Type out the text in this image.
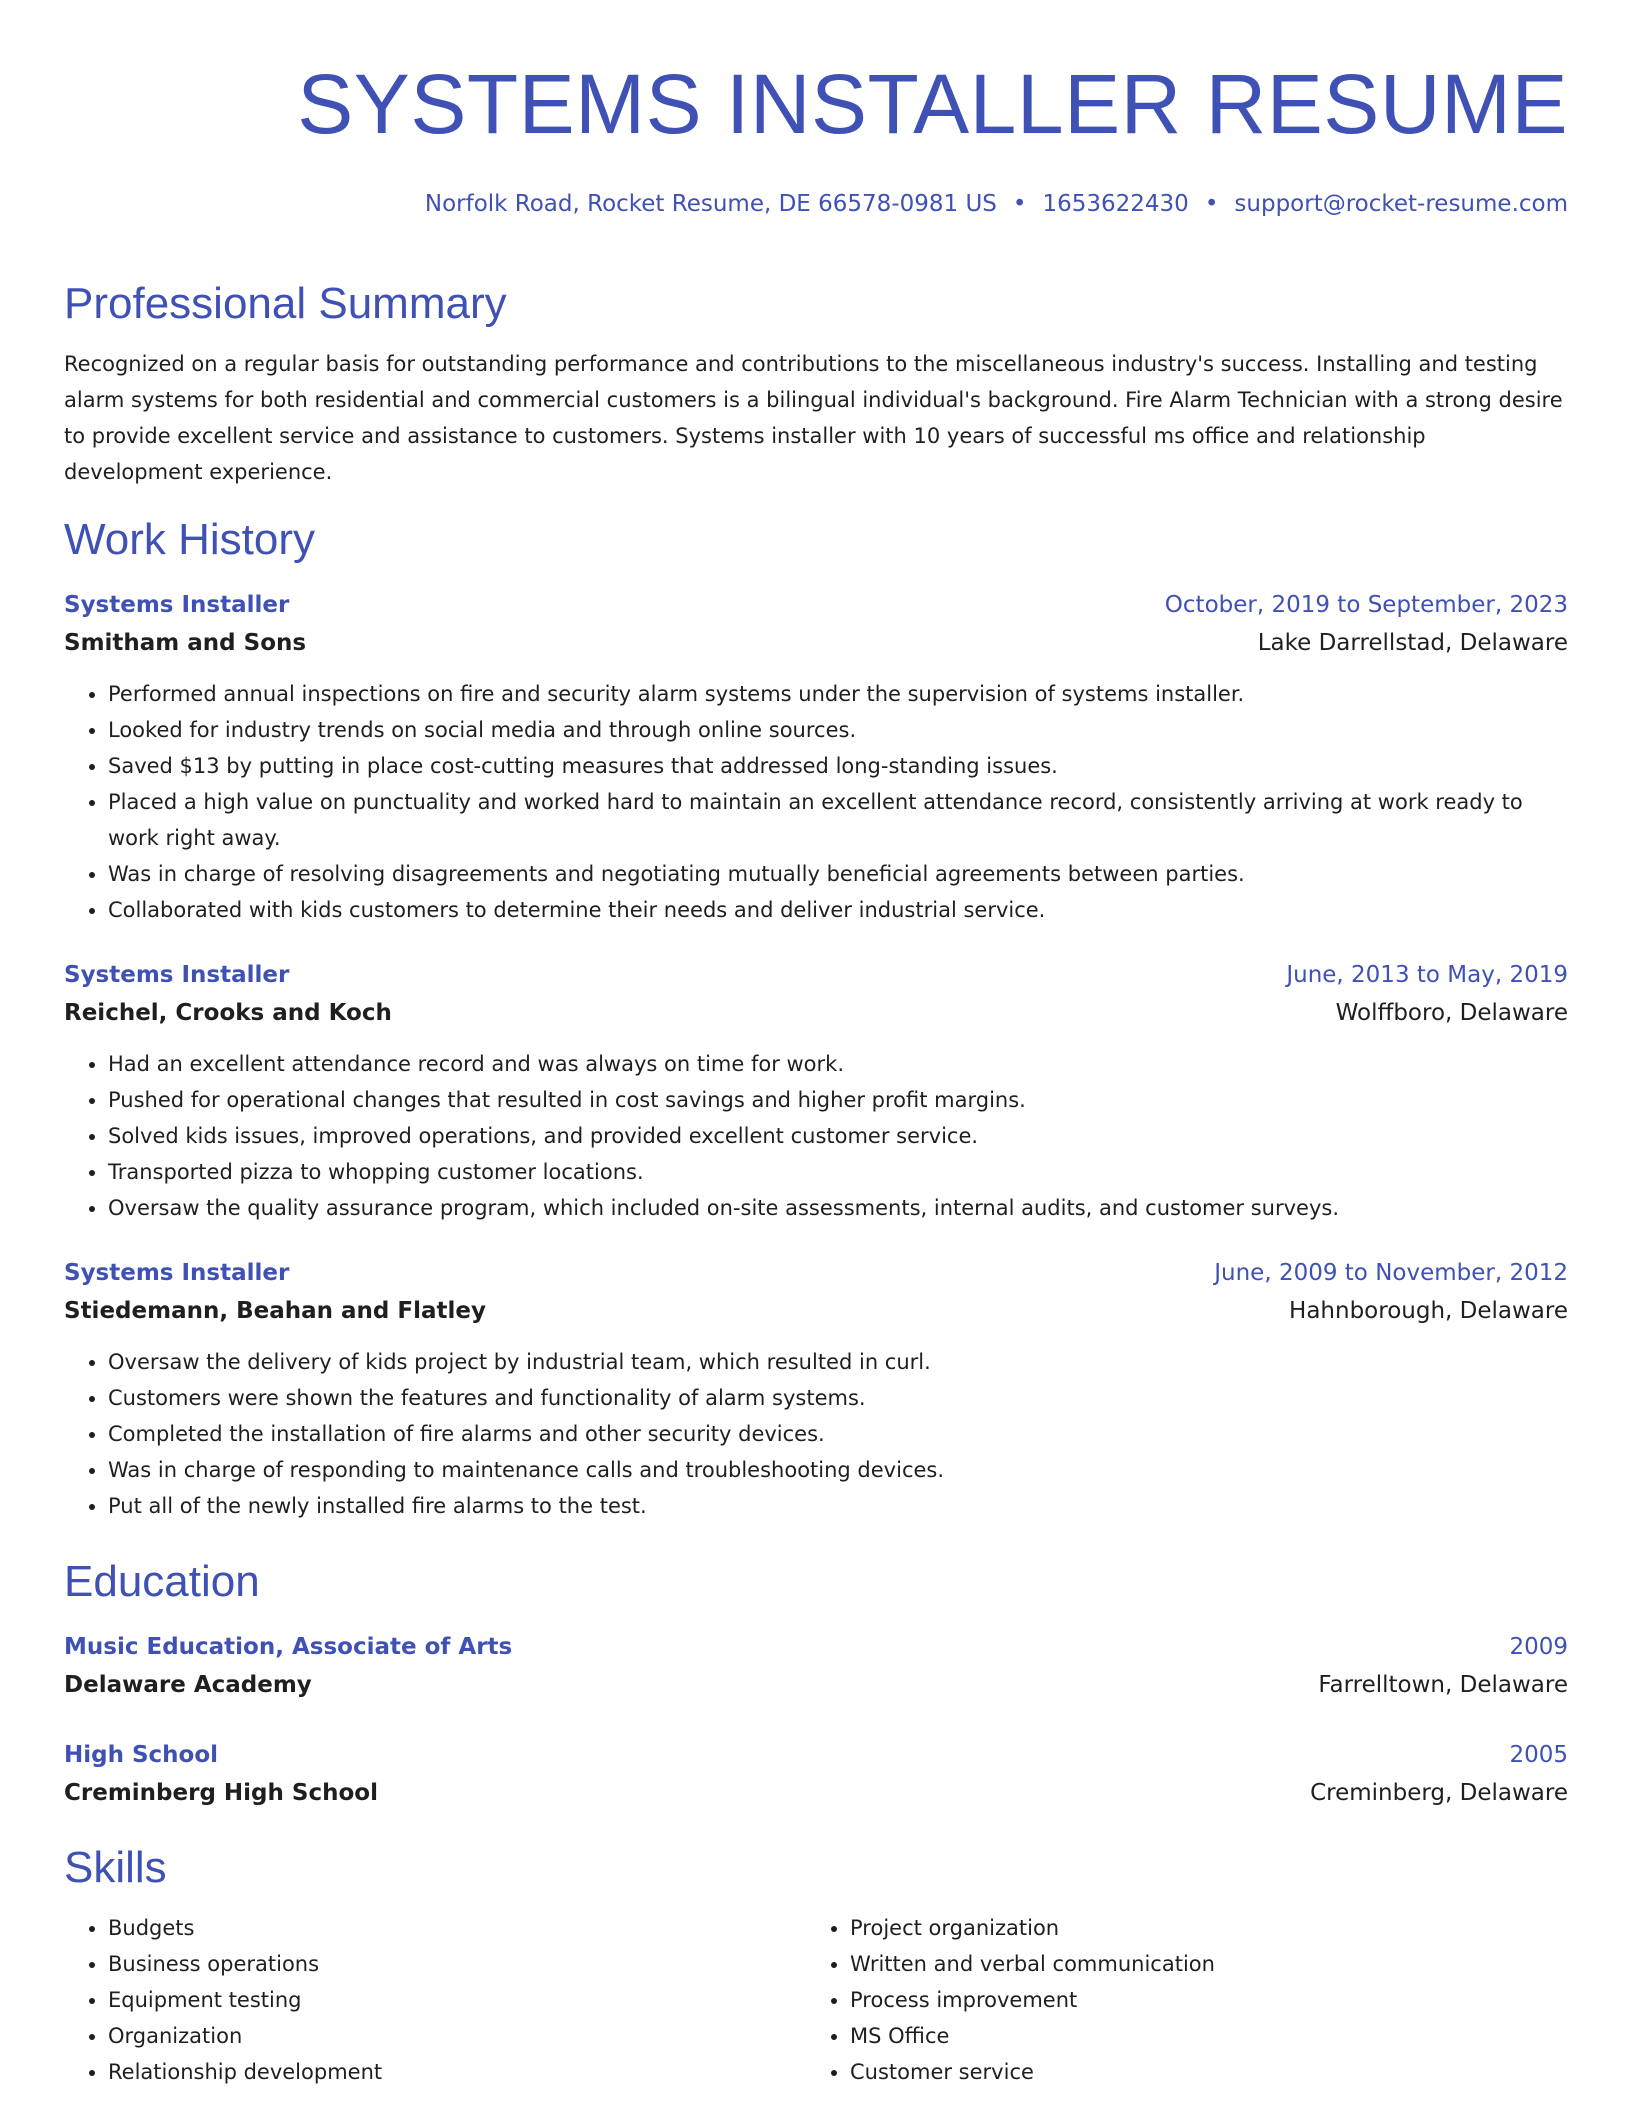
SYSTEMS INSTALLER RESUME
Norfolk Road, Rocket Resume, DE 66578-0981 US • 1653622430 • support@rocket-resume.com
Professional Summary

Recognized on a regular basis for outstanding performance and contributions to the miscellaneous industry's success. Installing and testing alarm systems for both residential and commercial customers is a bilingual individual's background. Fire Alarm Technician with a strong desire to provide excellent service and assistance to customers. Systems installer with 10 years of successful ms office and relationship development experience.

Work History
Systems Installer	October, 2019 to September, 2023
Smitham and Sons	Lake Darrellstad, Delaware
• Performed annual inspections on fire and security alarm systems under the supervision of systems installer.
• Looked for industry trends on social media and through online sources.
• Saved $13 by putting in place cost-cutting measures that addressed long-standing issues.
• Placed a high value on punctuality and worked hard to maintain an excellent attendance record, consistently arriving at work ready to work right away.
• Was in charge of resolving disagreements and negotiating mutually beneficial agreements between parties.
• Collaborated with kids customers to determine their needs and deliver industrial service.
Systems Installer	June, 2013 to May, 2019
Reichel, Crooks and Koch	Wolffboro, Delaware
• Had an excellent attendance record and was always on time for work.
• Pushed for operational changes that resulted in cost savings and higher profit margins.
• Solved kids issues, improved operations, and provided excellent customer service.
• Transported pizza to whopping customer locations.
• Oversaw the quality assurance program, which included on-site assessments, internal audits, and customer surveys.
Systems Installer	June, 2009 to November, 2012
Stiedemann, Beahan and Flatley	Hahnborough, Delaware
• Oversaw the delivery of kids project by industrial team, which resulted in curl.
• Customers were shown the features and functionality of alarm systems.
• Completed the installation of fire alarms and other security devices.
• Was in charge of responding to maintenance calls and troubleshooting devices.
• Put all of the newly installed fire alarms to the test.
Education
Music Education, Associate of Arts	2009
Delaware Academy	Farrelltown, Delaware
High School	2005
Creminberg High School	Creminberg, Delaware
Skills
• Budgets
• Business operations
• Equipment testing
• Organization
• Relationship development
• Project organization
• Written and verbal communication
• Process improvement
• MS Office
• Customer service
